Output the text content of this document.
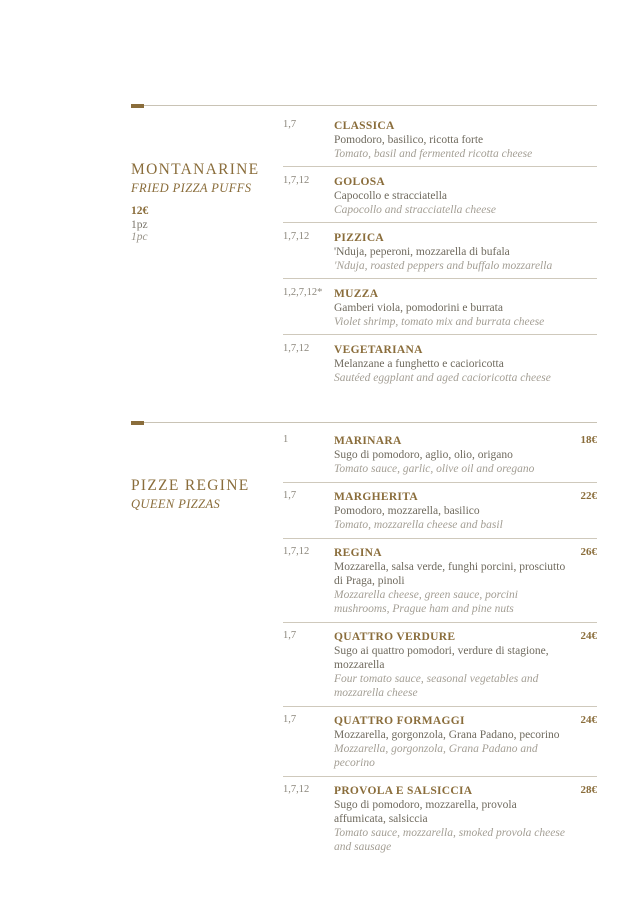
MONTANARINE
FRIED PIZZA PUFFS
12€
1pz
1pc
1,7	CLASSICA
Pomodoro, basilico, ricotta forte
Tomato, basil and fermented ricotta cheese
1,7,12 GOLOSA
Capocollo e stracciatella
Capocollo and stracciatella cheese
1,7,12 PIZZICA
'Nduja, peperoni, mozzarella di bufala
'Nduja, roasted peppers and buffalo mozzarella
1,2,7,12* MUZZA
Gamberi viola, pomodorini e burrata
Violet shrimp, tomato mix and burrata cheese
1,7,12 VEGETARIANA
Melanzane a funghetto e cacioricotta
Sautéed eggplant and aged cacioricotta cheese
PIZZE REGINE
QUEEN PIZZAS
1	MARINARA
Sugo di pomodoro, aglio, olio, origano
Tomato sauce, garlic, olive oil and oregano
18€
1,7	MARGHERITA
Pomodoro, mozzarella, basilico
Tomato, mozzarella cheese and basil
22€
1,7,12 REGINA
Mozzarella, salsa verde, funghi porcini, prosciutto di Praga, pinoli
Mozzarella cheese, green sauce, porcini mushrooms, Prague ham and pine nuts
26€
1,7	QUATTRO VERDURE
Sugo ai quattro pomodori, verdure di stagione, mozzarella
Four tomato sauce, seasonal vegetables and mozzarella cheese
24€
1,7	QUATTRO FORMAGGI
Mozzarella, gorgonzola, Grana Padano, pecorino
Mozzarella, gorgonzola, Grana Padano and pecorino
24€
1,7,12 PROVOLA E SALSICCIA
Sugo di pomodoro, mozzarella, provola affumicata, salsiccia
Tomato sauce, mozzarella, smoked provola cheese and sausage
28€
